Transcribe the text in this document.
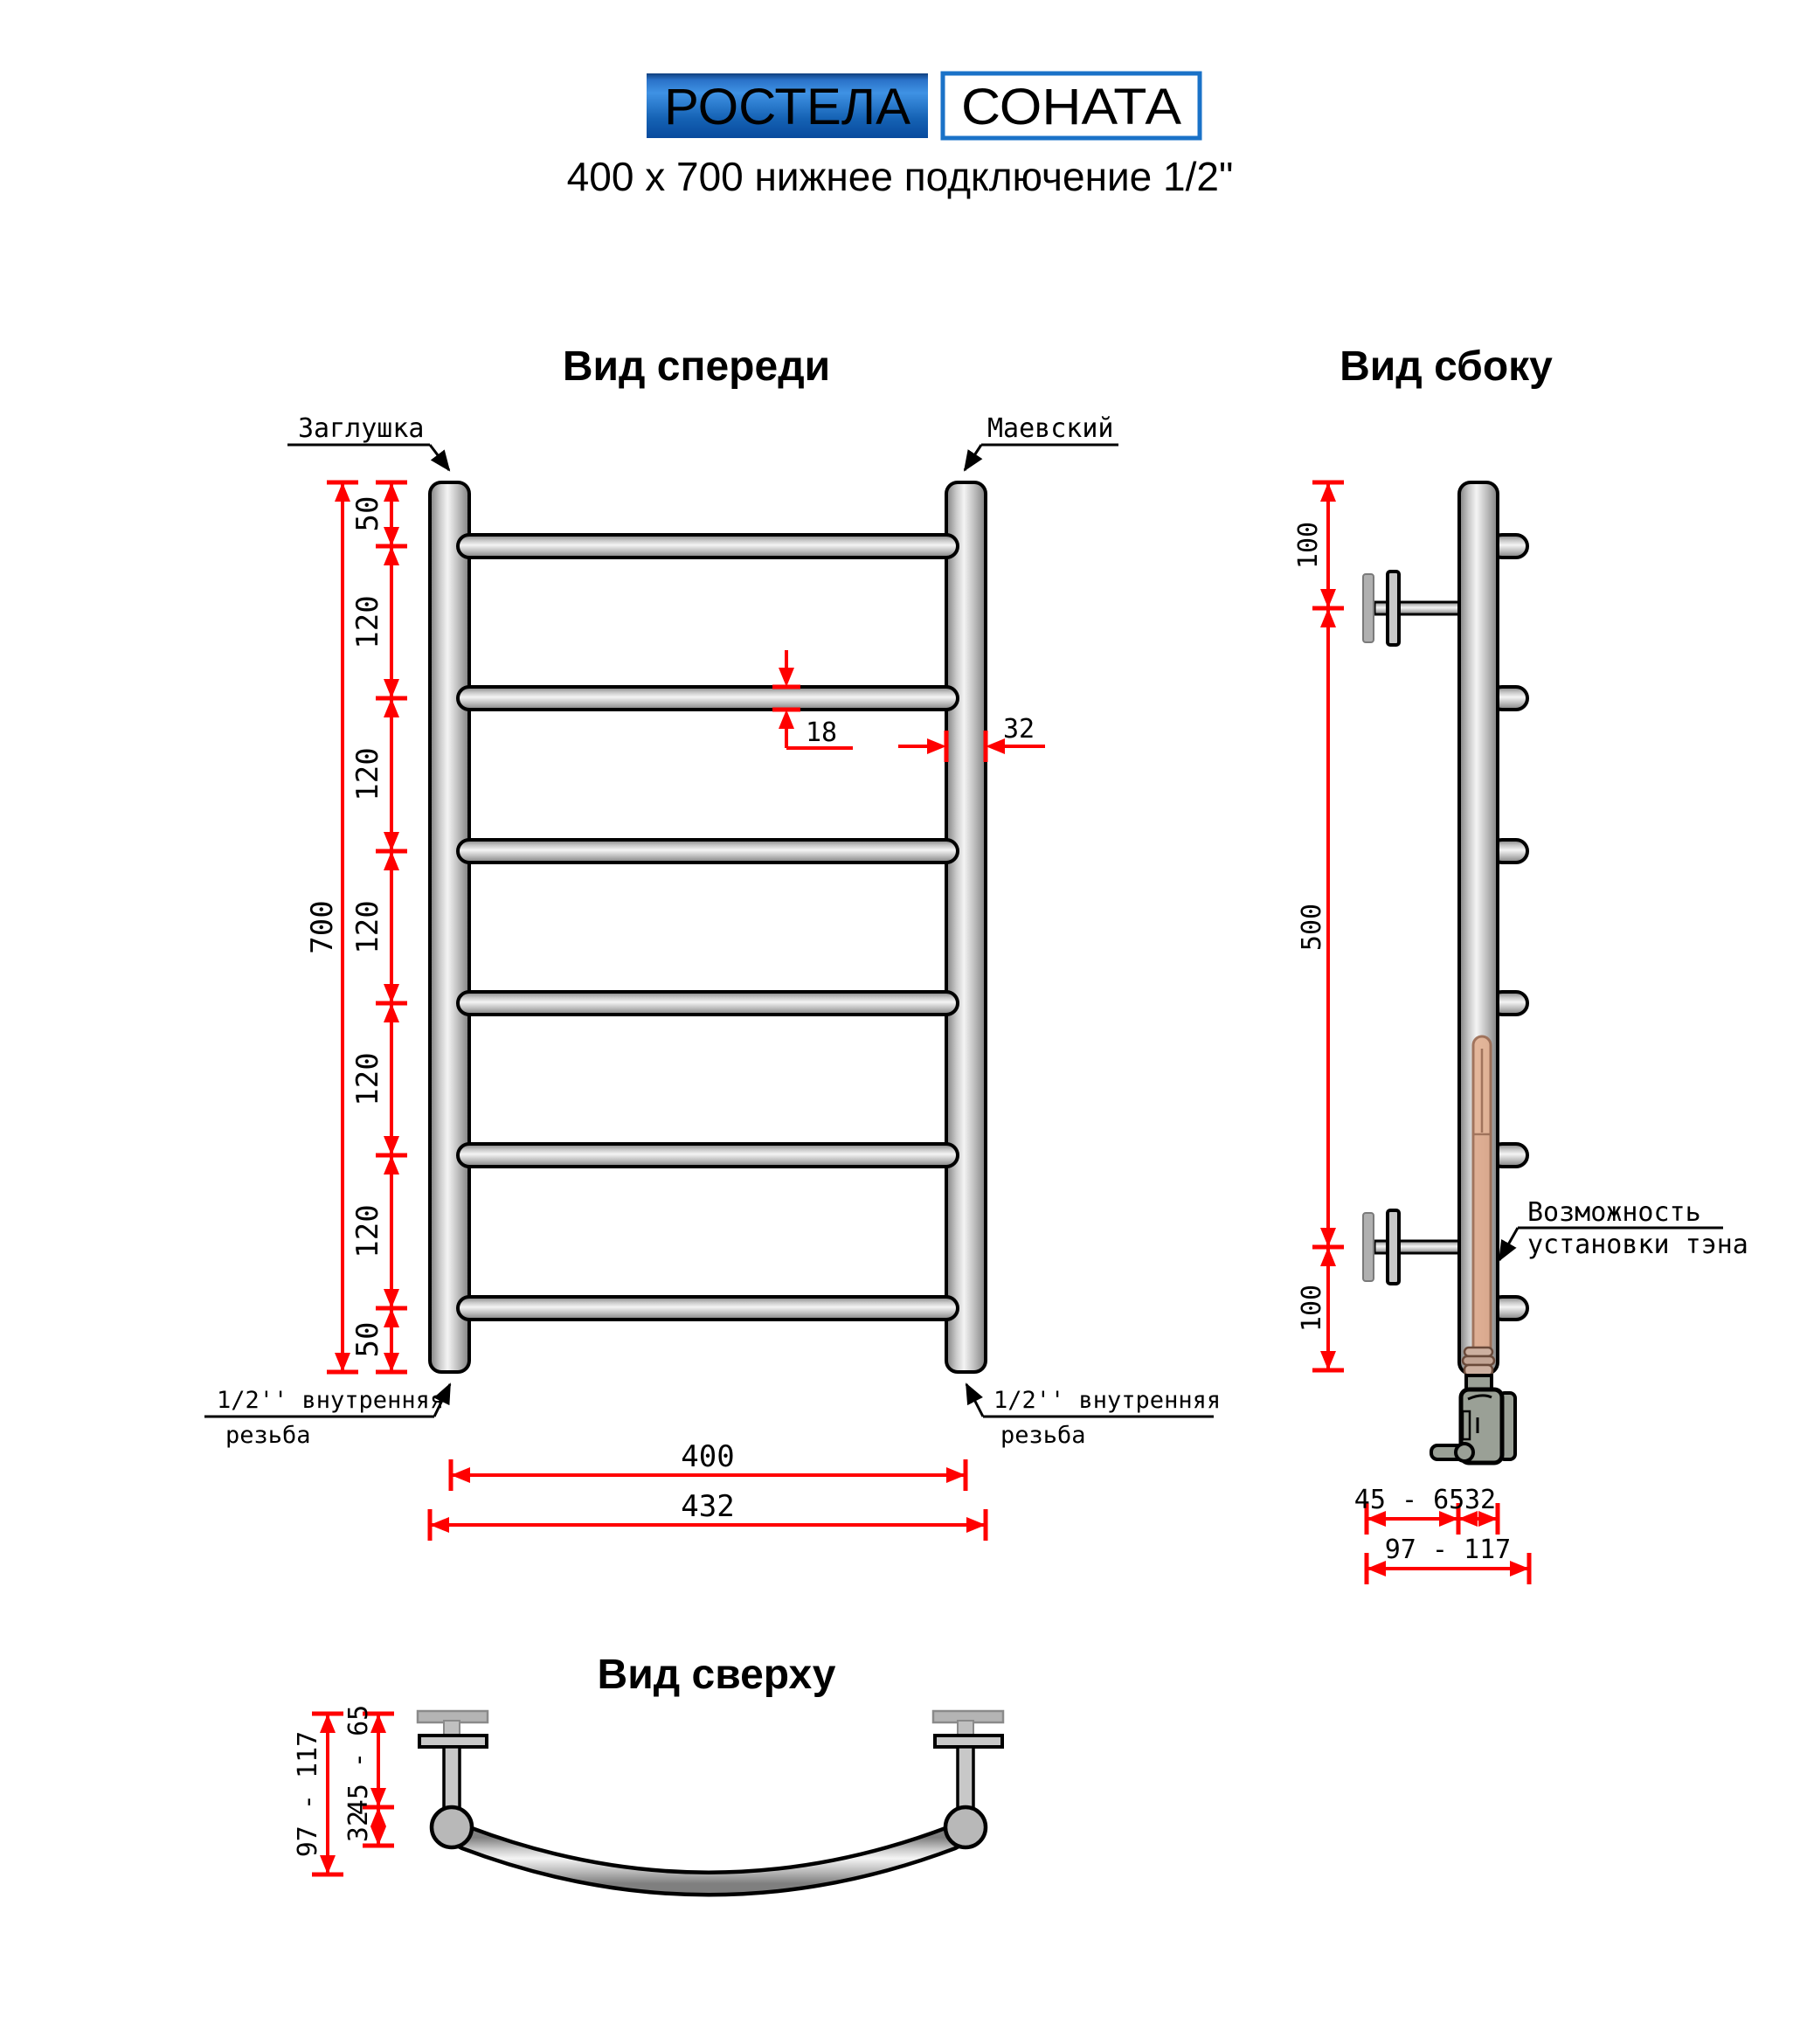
РОСТЕЛА СОНАТА
400 x 700 нижнее подключение 1/2"
Вид спереди
700
50
120
120
120
120
120
50
18	32
400
432
Заглушка	Маевский
1/2'' внутренняя
резьба
1/2'' внутренняя
резьба
Вид сбоку
100
500
100
45 - 65 32
97 - 117
Возможность
установки тэна
Вид сверху
97 - 117 45 - 65
32
